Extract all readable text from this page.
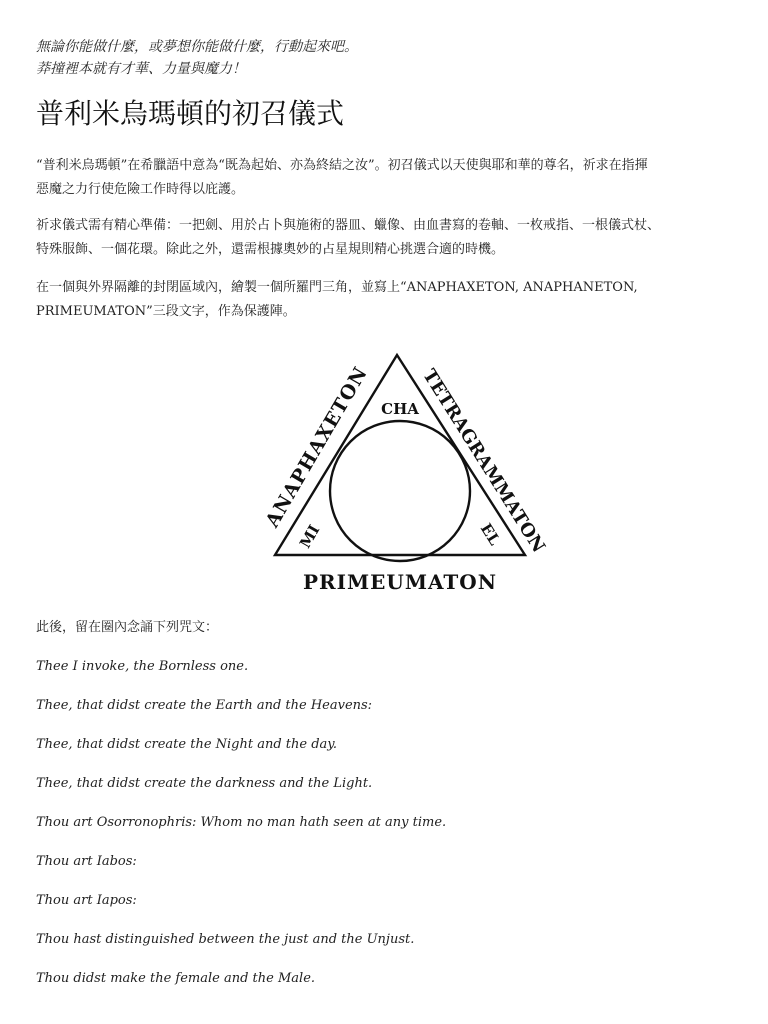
無論你能做什麼，或夢想你能做什麼，行動起來吧。
莽撞裡本就有才華、力量與魔力！
普利米烏瑪頓的初召儀式
“普利米烏瑪頓”在希臘語中意為“既為起始、亦為終結之汝”。初召儀式以天使與耶和華的尊名，祈求在指揮
惡魔之力行使危險工作時得以庇護。
祈求儀式需有精心準備：一把劍、用於占卜與施術的器皿、蠟像、由血書寫的卷軸、一枚戒指、一根儀式杖、
特殊服飾、一個花環。除此之外，還需根據奧妙的占星規則精心挑選合適的時機。
在一個與外界隔離的封閉區域內，繪製一個所羅門三角，並寫上“ANAPHAXETON, ANAPHANETON,
PRIMEUMATON”三段文字，作為保護陣。
ANAPHAXETON	TETRAGRAMMATON
PRIMEUMATON
CHA
MI	EL

此後，留在圈內念誦下列咒文：

Thee I invoke, the Bornless one.
Thee, that didst create the Earth and the Heavens:
Thee, that didst create the Night and the day.
Thee, that didst create the darkness and the Light.
Thou art Osorronophris: Whom no man hath seen at any time.
Thou art Iabos:
Thou art Iapos:
Thou hast distinguished between the just and the Unjust.
Thou didst make the female and the Male.
